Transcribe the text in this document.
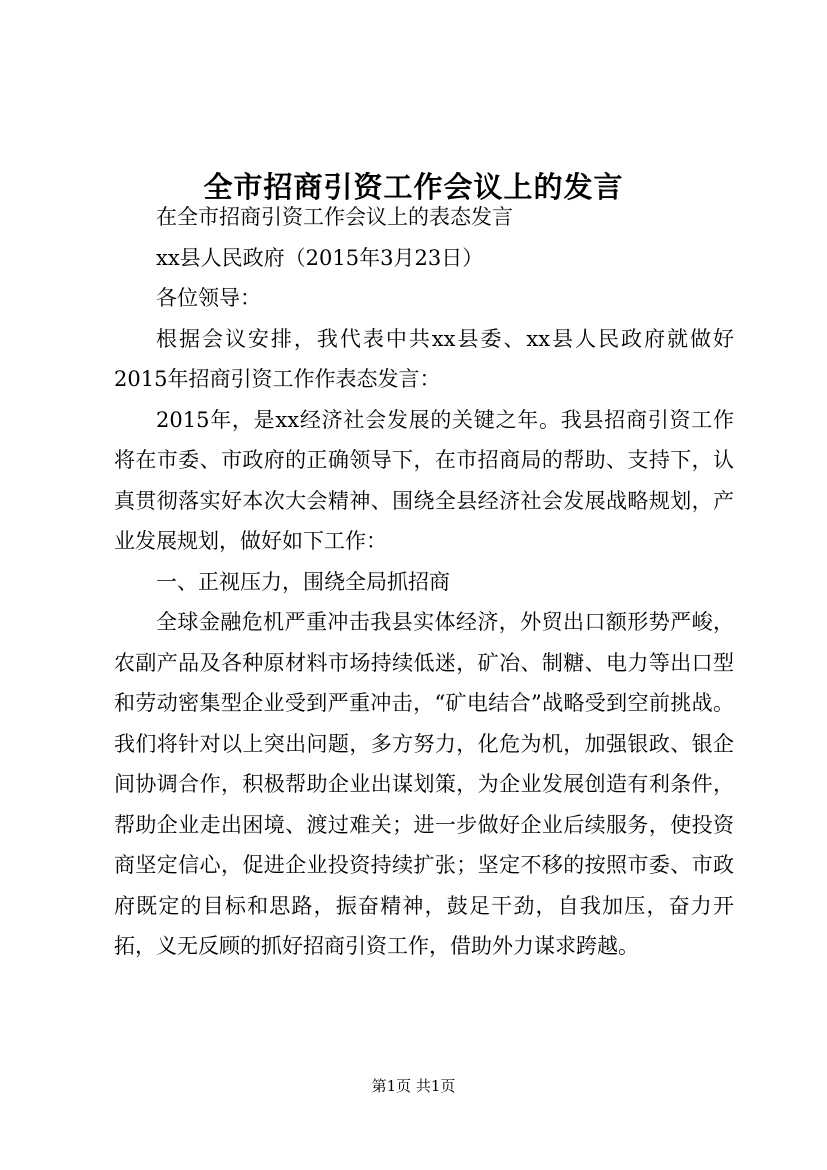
全市招商引资工作会议上的发言

在全市招商引资工作会议上的表态发言

xx县人民政府（2015年3月23日）

各位领导：

根据会议安排，我代表中共xx县委、xx县人民政府就做好2015年招商引资工作作表态发言：

2015年，是xx经济社会发展的关键之年。我县招商引资工作将在市委、市政府的正确领导下，在市招商局的帮助、支持下，认真贯彻落实好本次大会精神、围绕全县经济社会发展战略规划，产业发展规划，做好如下工作：

一、正视压力，围绕全局抓招商

全球金融危机严重冲击我县实体经济，外贸出口额形势严峻，农副产品及各种原材料市场持续低迷，矿冶、制糖、电力等出口型和劳动密集型企业受到严重冲击，“矿电结合”战略受到空前挑战。我们将针对以上突出问题，多方努力，化危为机，加强银政、银企间协调合作，积极帮助企业出谋划策，为企业发展创造有利条件，帮助企业走出困境、渡过难关；进一步做好企业后续服务，使投资商坚定信心，促进企业投资持续扩张；坚定不移的按照市委、市政府既定的目标和思路，振奋精神，鼓足干劲，自我加压，奋力开拓，义无反顾的抓好招商引资工作，借助外力谋求跨越。

第1页 共1页
